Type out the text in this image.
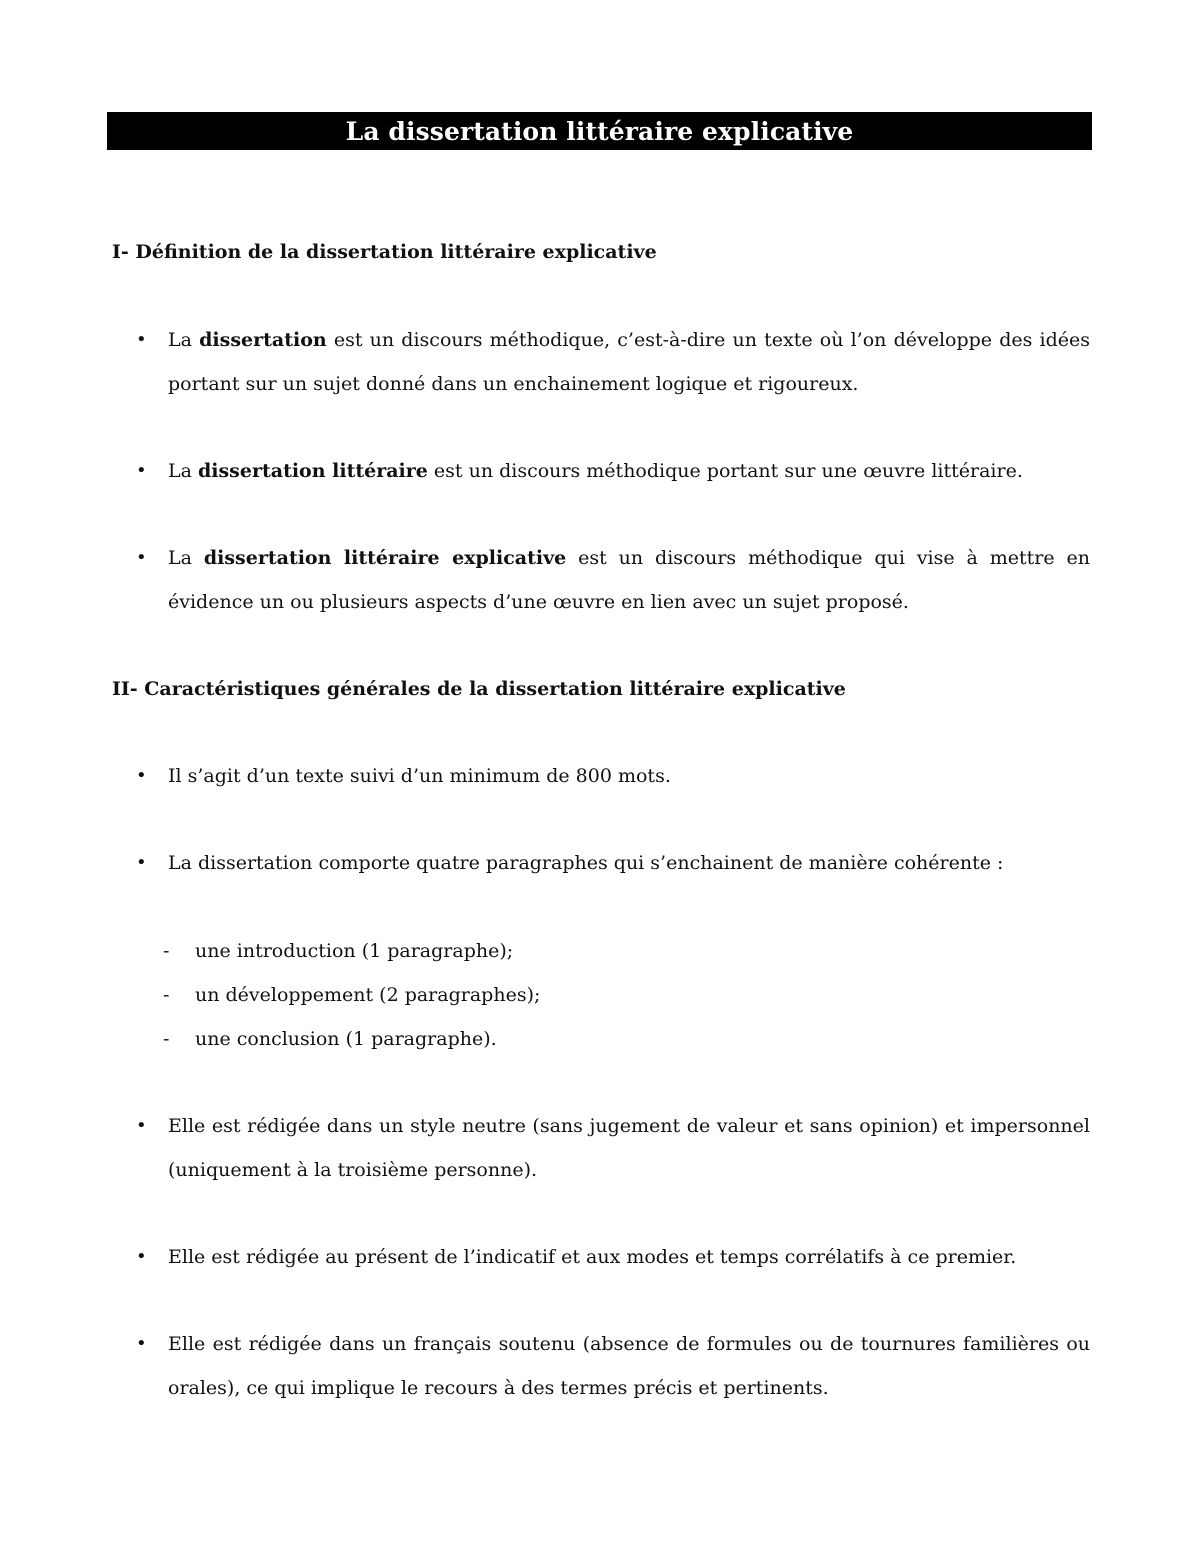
La dissertation littéraire explicative
I- Définition de la dissertation littéraire explicative
•	La dissertation est un discours méthodique, c’est-à-dire un texte où l’on développe des idées portant sur un sujet donné dans un enchainement logique et rigoureux.
•	La dissertation littéraire est un discours méthodique portant sur une œuvre littéraire.
•	La dissertation littéraire explicative est un discours méthodique qui vise à mettre en évidence un ou plusieurs aspects d’une œuvre en lien avec un sujet proposé.
II- Caractéristiques générales de la dissertation littéraire explicative
•	Il s’agit d’un texte suivi d’un minimum de 800 mots.
•	La dissertation comporte quatre paragraphes qui s’enchainent de manière cohérente :
- une introduction (1 paragraphe);
- un développement (2 paragraphes);
- une conclusion (1 paragraphe).
•	Elle est rédigée dans un style neutre (sans jugement de valeur et sans opinion) et impersonnel (uniquement à la troisième personne).
•	Elle est rédigée au présent de l’indicatif et aux modes et temps corrélatifs à ce premier.
•	Elle est rédigée dans un français soutenu (absence de formules ou de tournures familières ou orales), ce qui implique le recours à des termes précis et pertinents.
